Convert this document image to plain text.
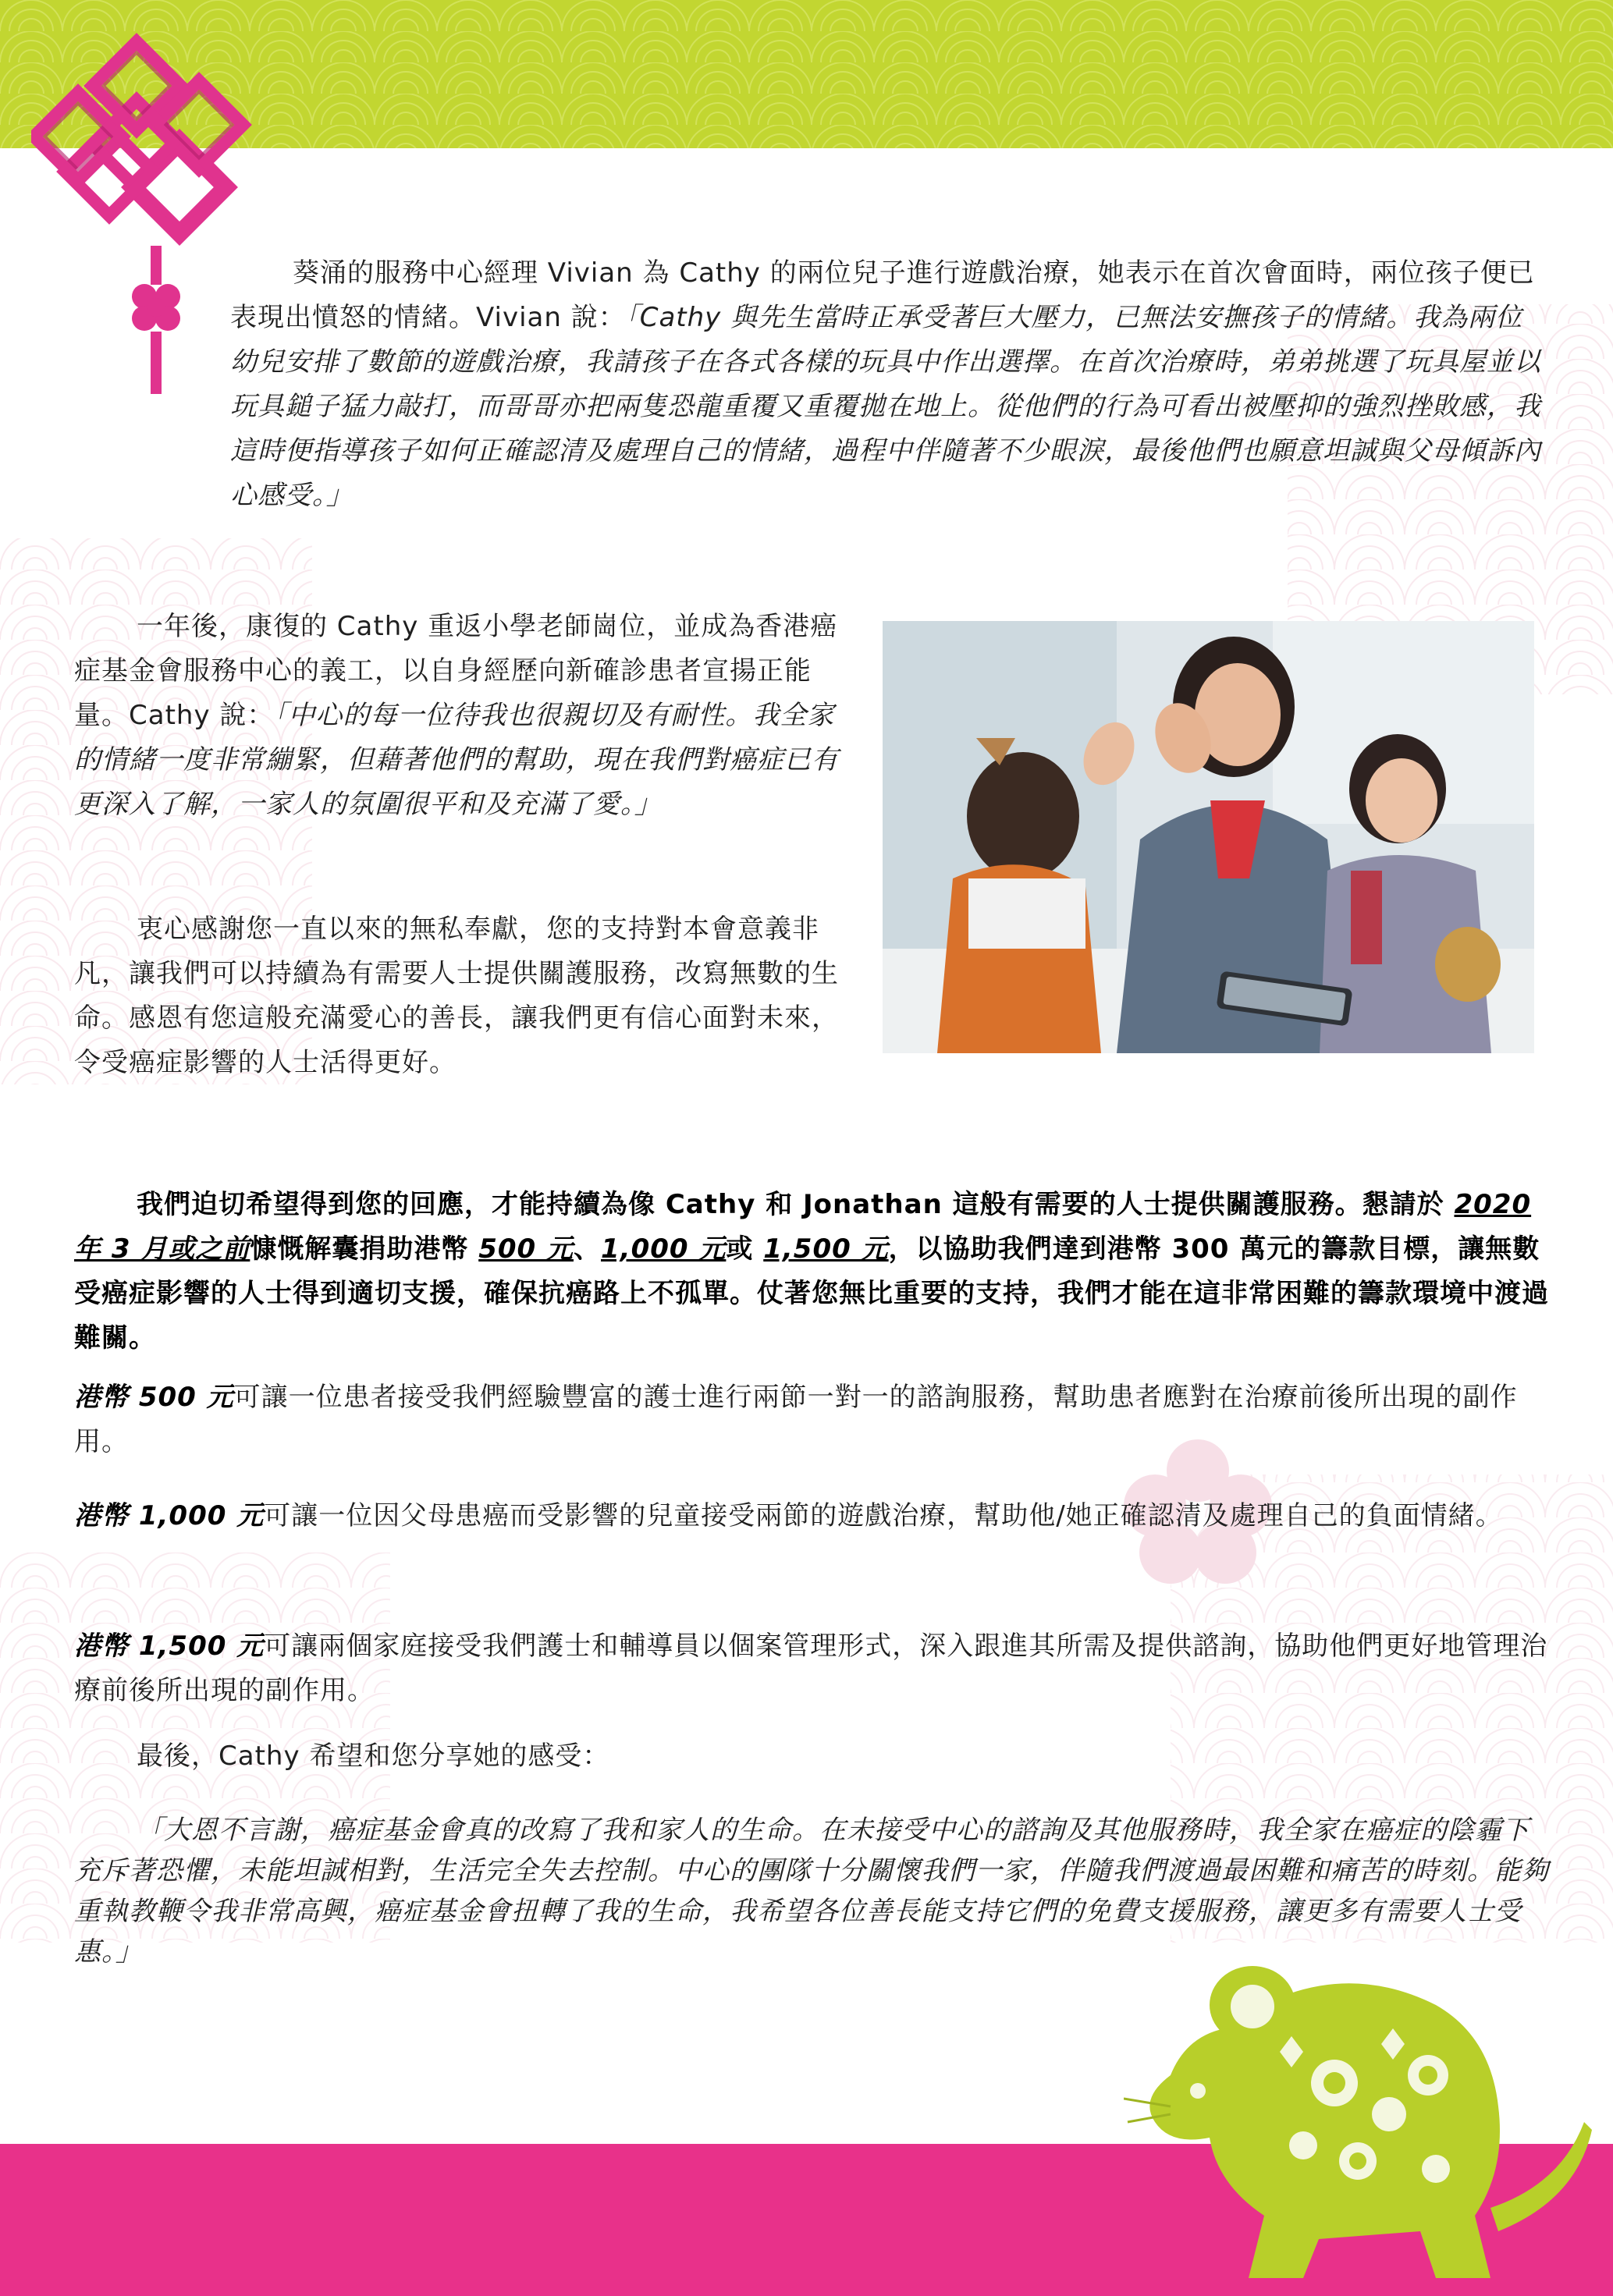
葵涌的服務中心經理 Vivian 為 Cathy 的兩位兒子進行遊戲治療，她表示在首次會面時，兩位孩子便已表現出憤怒的情緒。Vivian 說：「Cathy 與先生當時正承受著巨大壓力，已無法安撫孩子的情緒。我為兩位幼兒安排了數節的遊戲治療，我請孩子在各式各樣的玩具中作出選擇。在首次治療時，弟弟挑選了玩具屋並以玩具鎚子猛力敲打，而哥哥亦把兩隻恐龍重覆又重覆拋在地上。從他們的行為可看出被壓抑的強烈挫敗感，我這時便指導孩子如何正確認清及處理自己的情緒，過程中伴隨著不少眼淚，最後他們也願意坦誠與父母傾訴內心感受。」

一年後，康復的 Cathy 重返小學老師崗位，並成為香港癌症基金會服務中心的義工，以自身經歷向新確診患者宣揚正能量。Cathy 說：「中心的每一位待我也很親切及有耐性。我全家的情緒一度非常繃緊，但藉著他們的幫助，現在我們對癌症已有更深入了解，一家人的氛圍很平和及充滿了愛。」

衷心感謝您一直以來的無私奉獻，您的支持對本會意義非凡，讓我們可以持續為有需要人士提供關護服務，改寫無數的生命。感恩有您這般充滿愛心的善長，讓我們更有信心面對未來，令受癌症影響的人士活得更好。

我們迫切希望得到您的回應，才能持續為像 Cathy 和 Jonathan 這般有需要的人士提供關護服務。懇請於 2020 年 3 月或之前慷慨解囊捐助港幣 500 元、1,000 元或 1,500 元，以協助我們達到港幣 300 萬元的籌款目標，讓無數受癌症影響的人士得到適切支援，確保抗癌路上不孤單。仗著您無比重要的支持，我們才能在這非常困難的籌款環境中渡過難關。

港幣 500 元可讓一位患者接受我們經驗豐富的護士進行兩節一對一的諮詢服務，幫助患者應對在治療前後所出現的副作用。

港幣 1,000 元可讓一位因父母患癌而受影響的兒童接受兩節的遊戲治療，幫助他/她正確認清及處理自己的負面情緒。

港幣 1,500 元可讓兩個家庭接受我們護士和輔導員以個案管理形式，深入跟進其所需及提供諮詢，協助他們更好地管理治療前後所出現的副作用。

最後，Cathy 希望和您分享她的感受：

「大恩不言謝，癌症基金會真的改寫了我和家人的生命。在未接受中心的諮詢及其他服務時，我全家在癌症的陰霾下充斥著恐懼，未能坦誠相對，生活完全失去控制。中心的團隊十分關懷我們一家，伴隨我們渡過最困難和痛苦的時刻。能夠重執教鞭令我非常高興，癌症基金會扭轉了我的生命，我希望各位善長能支持它們的免費支援服務，讓更多有需要人士受惠。」
